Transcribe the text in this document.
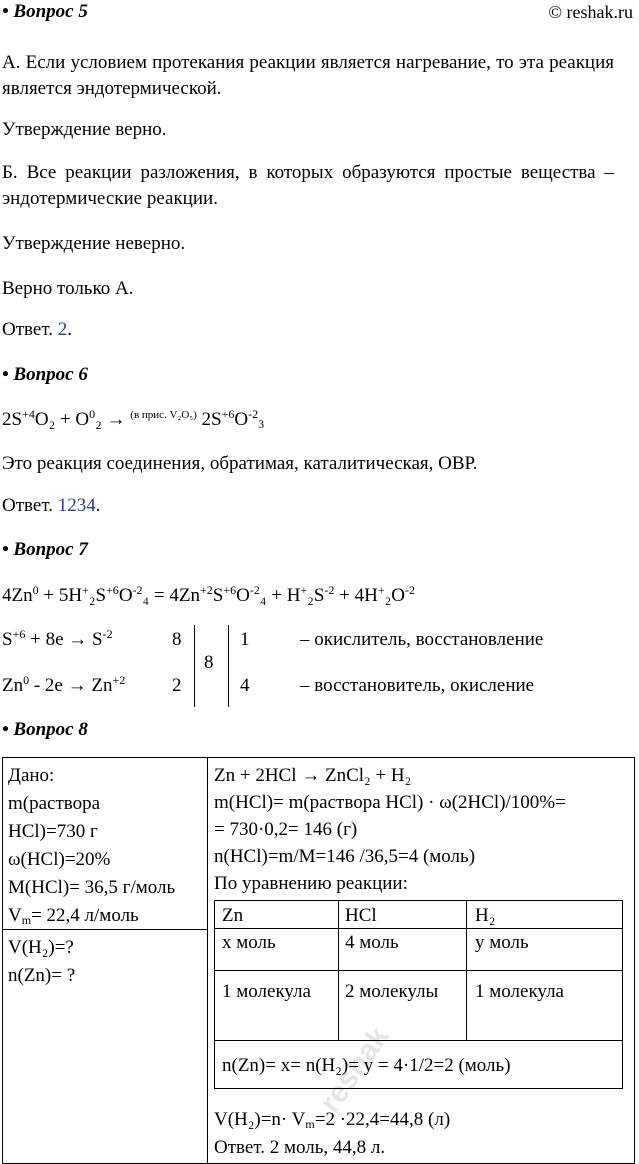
• Вопрос 5	© reshak.ru
А. Если условием протекания реакции является нагревание, то эта реакция является эндотермической.
Утверждение верно.
Б. Все реакции разложения, в которых образуются простые вещества – эндотермические реакции.
Утверждение неверно.
Верно только А.
Ответ. 2.
• Вопрос 6
$2S^{+4}O_2 + O^0_2 \to ^{(в прис. V_2O_5)}$ $2S^{+6}O^{-2}_3$
Это реакция соединения, обратимая, каталитическая, ОВР.
Ответ. 1234.
• Вопрос 7
$4Zn^0 + 5H^+_2S^{+6}O^{-2}_4 = 4Zn^{+2}S^{+6}O^{-2}_4 + H^+_2S^{-2} + 4H^+_2O^{-2}$
$S^{+6} + 8e \to S^{-2}$	8	1	– окислитель, восстановление
$Zn^0 - 2e \to Zn^{+2}$ 2	4	– восстановитель, окисление
8
• Вопрос 8
Дано:
m(раствора
HCl)=730 г
ω(HCl)=20%
M(HCl)= 36,5 г/моль
$V_m= 22,4$ л/моль
V(H₂)=?
n(Zn)= ?
Zn + 2HCl → ZnCl₂ + H₂
m(HCl)= m(раствора HCl) · ω(2HCl)/100%=
= 730·0,2= 146 (г)
n(HCl)=m/M=146 /36,5=4 (моль)
По уравнению реакции:
Zn	HCl	H₂
x моль	4 моль	у моль
1 молекула 2 молекулы 1 молекула
n(Zn)= x= n(H₂)= у = 4·1/2=2 (моль)
$V(H_2)=n\cdot V_m=2 \cdot 22,4=44,8$ (л)
Ответ. 2 моль, 44,8 л.
reshak
